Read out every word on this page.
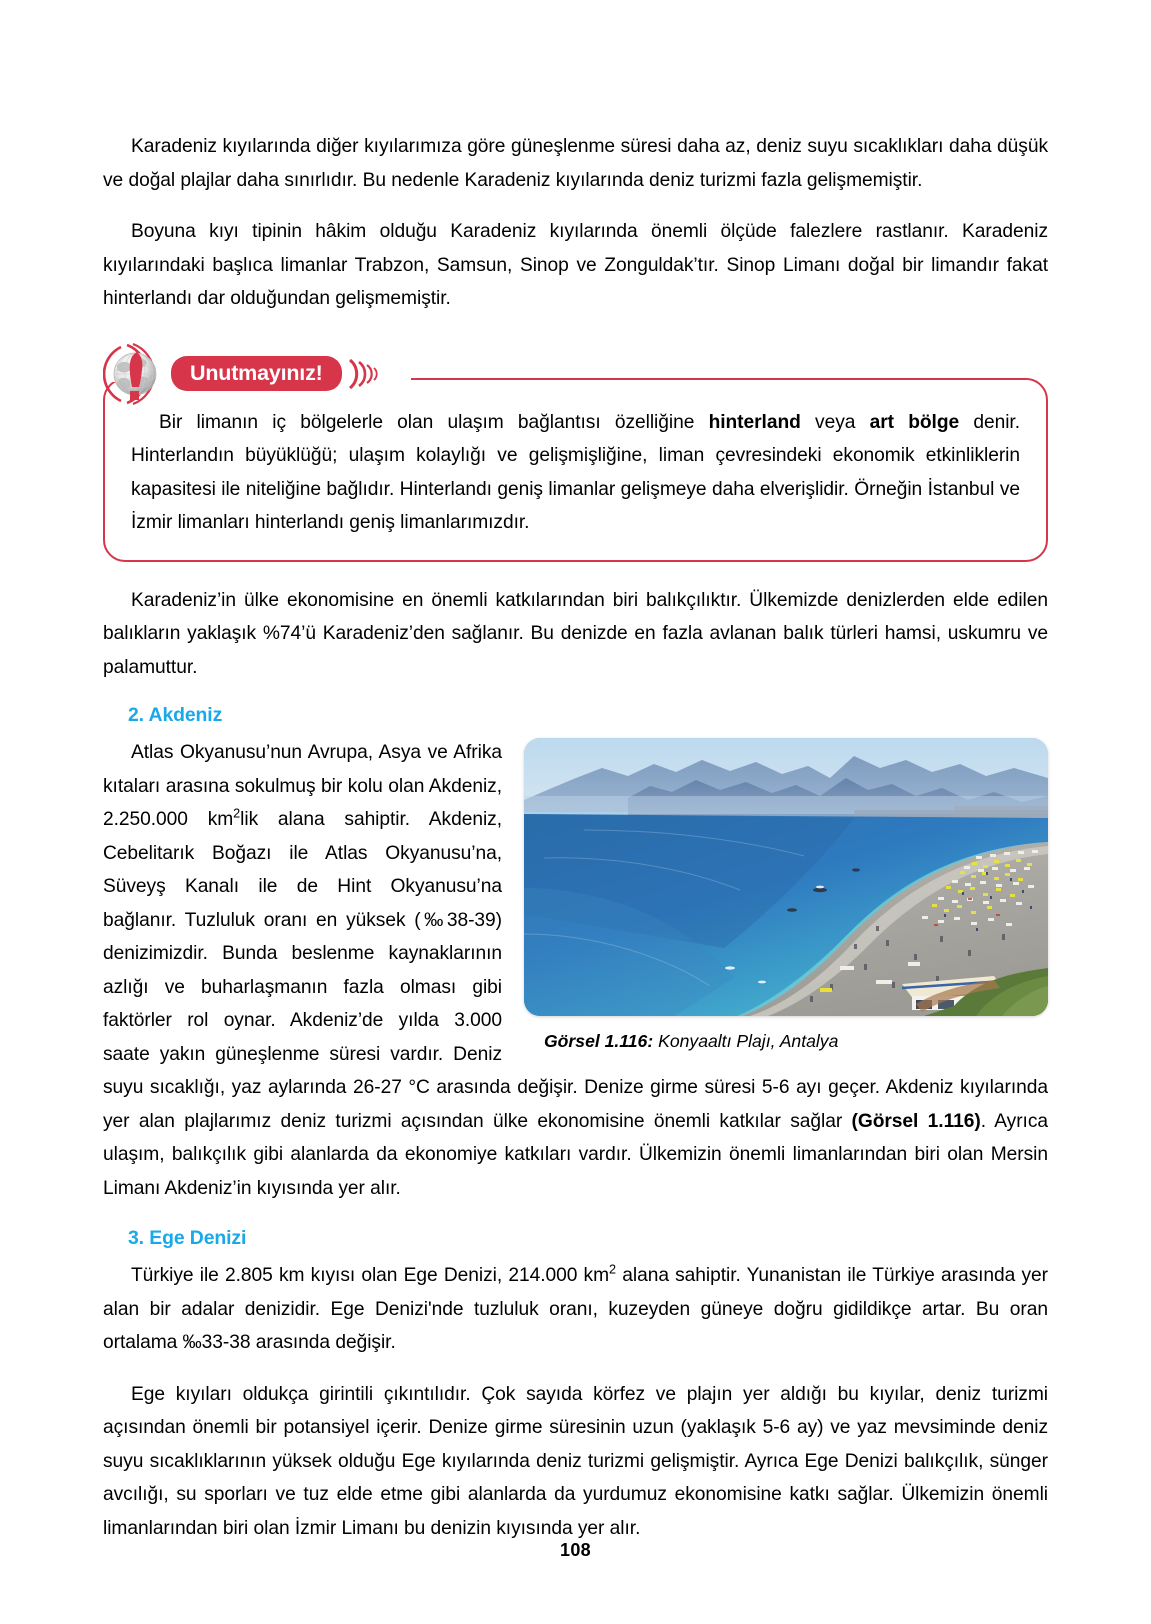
Karadeniz kıyılarında diğer kıyılarımıza göre güneşlenme süresi daha az, deniz suyu sıcaklıkları daha düşük ve doğal plajlar daha sınırlıdır. Bu nedenle Karadeniz kıyılarında deniz turizmi fazla gelişmemiştir.

Boyuna kıyı tipinin hâkim olduğu Karadeniz kıyılarında önemli ölçüde falezlere rastlanır. Karadeniz kıyılarındaki başlıca limanlar Trabzon, Samsun, Sinop ve Zonguldak’tır. Sinop Limanı doğal bir limandır fakat hinterlandı dar olduğundan gelişmemiştir.

Bir limanın iç bölgelerle olan ulaşım bağlantısı özelliğine hinterland veya art bölge denir. Hinterlandın büyüklüğü; ulaşım kolaylığı ve gelişmişliğine, liman çevresindeki ekonomik etkinliklerin kapasitesi ile niteliğine bağlıdır. Hinterlandı geniş limanlar gelişmeye daha elverişlidir. Örneğin İstanbul ve İzmir limanları hinterlandı geniş limanlarımızdır.

Unutmayınız!

Karadeniz’in ülke ekonomisine en önemli katkılarından biri balıkçılıktır. Ülkemizde denizlerden elde edilen balıkların yaklaşık %74’ü Karadeniz’den sağlanır. Bu denizde en fazla avlanan balık türleri hamsi, uskumru ve palamuttur.

2. Akdeniz
Görsel 1.116: Konyaaltı Plajı, Antalya

Atlas Okyanusu’nun Avrupa, Asya ve Afrika kıtaları arasına sokulmuş bir kolu olan Akdeniz, 2.250.000 $km^2lik$ alana sahiptir. Akdeniz, Cebelitarık Boğazı ile Atlas Okyanusu’na, Süveyş Kanalı ile de Hint Okyanusu’na bağlanır. Tuzluluk oranı en yüksek (‰38-39) denizimizdir. Bunda beslenme kaynaklarının azlığı ve buharlaşmanın fazla olması gibi faktörler rol oynar. Akdeniz’de yılda 3.000 saate yakın güneşlenme süresi vardır. Deniz suyu sıcaklığı, yaz aylarında 26-27 °C arasında değişir. Denize girme süresi 5-6 ayı geçer. Akdeniz kıyılarında yer alan plajlarımız deniz turizmi açısından ülke ekonomisine önemli katkılar sağlar (Görsel 1.116). Ayrıca ulaşım, balıkçılık gibi alanlarda da ekonomiye katkıları vardır. Ülkemizin önemli limanlarından biri olan Mersin Limanı Akdeniz’in kıyısında yer alır.

3. Ege Denizi

Türkiye ile 2.805 km kıyısı olan Ege Denizi, 214.000 $km^2$ alana sahiptir. Yunanistan ile Türkiye arasında yer alan bir adalar denizidir. Ege Denizi'nde tuzluluk oranı, kuzeyden güneye doğru gidildikçe artar. Bu oran ortalama ‰33-38 arasında değişir.

Ege kıyıları oldukça girintili çıkıntılıdır. Çok sayıda körfez ve plajın yer aldığı bu kıyılar, deniz turizmi açısından önemli bir potansiyel içerir. Denize girme süresinin uzun (yaklaşık 5-6 ay) ve yaz mevsiminde deniz suyu sıcaklıklarının yüksek olduğu Ege kıyılarında deniz turizmi gelişmiştir. Ayrıca Ege Denizi balıkçılık, sünger avcılığı, su sporları ve tuz elde etme gibi alanlarda da yurdumuz ekonomisine katkı sağlar. Ülkemizin önemli limanlarından biri olan İzmir Limanı bu denizin kıyısında yer alır.

108
